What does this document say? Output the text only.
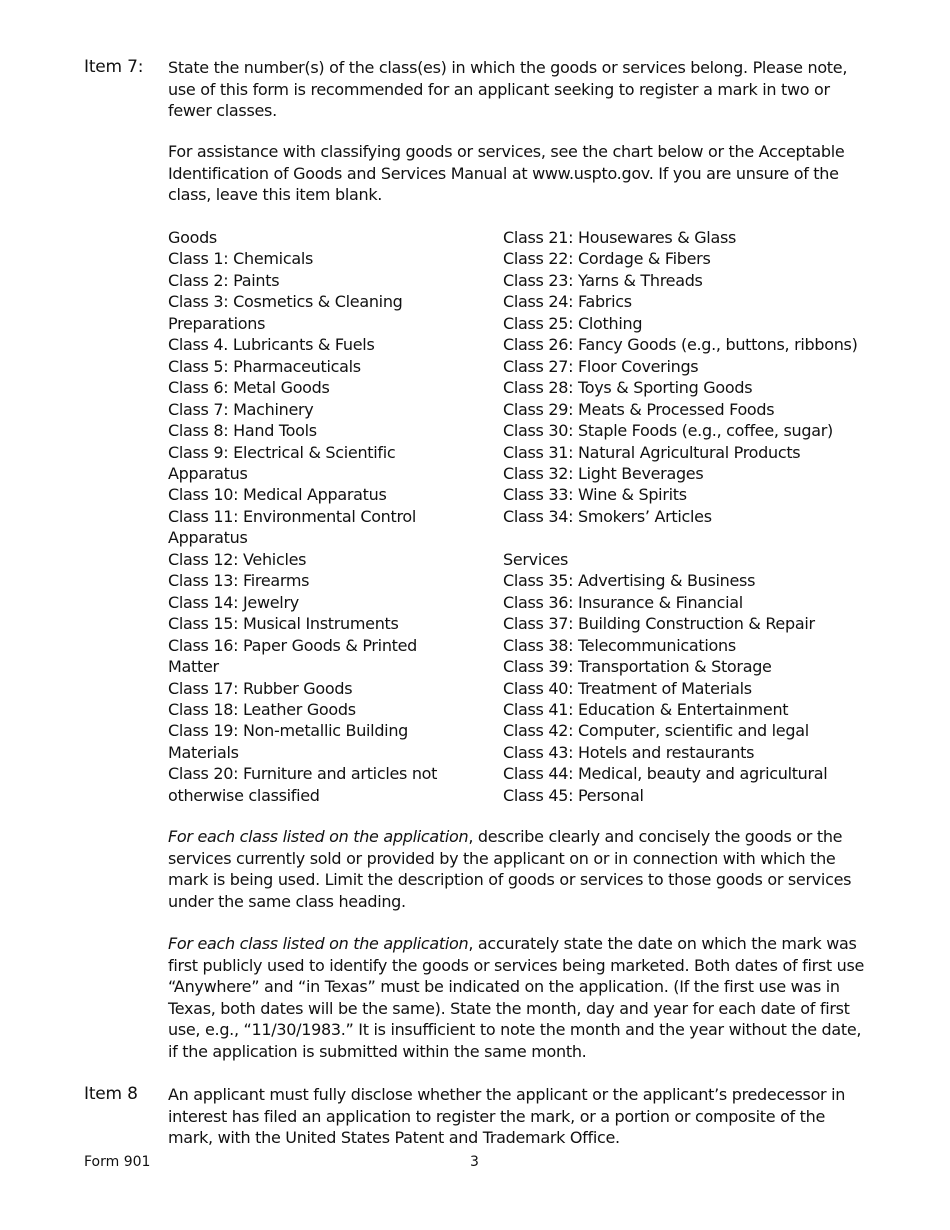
Item 7: State the number(s) of the class(es) in which the goods or services belong. Please note, use of this form is recommended for an applicant seeking to register a mark in two or fewer classes.
For assistance with classifying goods or services, see the chart below or the Acceptable Identification of Goods and Services Manual at www.uspto.gov. If you are unsure of the class, leave this item blank.
Goods
Class 1: Chemicals
Class 2: Paints
Class 3: Cosmetics & Cleaning Preparations
Class 4. Lubricants & Fuels
Class 5: Pharmaceuticals
Class 6: Metal Goods
Class 7: Machinery
Class 8: Hand Tools
Class 9: Electrical & Scientific Apparatus
Class 10: Medical Apparatus
Class 11: Environmental Control Apparatus
Class 12: Vehicles
Class 13: Firearms
Class 14: Jewelry
Class 15: Musical Instruments
Class 16: Paper Goods & Printed Matter
Class 17: Rubber Goods
Class 18: Leather Goods
Class 19: Non-metallic Building Materials
Class 20: Furniture and articles not otherwise classified
Class 21: Housewares & Glass
Class 22: Cordage & Fibers
Class 23: Yarns & Threads
Class 24: Fabrics
Class 25: Clothing
Class 26: Fancy Goods (e.g., buttons, ribbons)
Class 27: Floor Coverings
Class 28: Toys & Sporting Goods
Class 29: Meats & Processed Foods
Class 30: Staple Foods (e.g., coffee, sugar)
Class 31: Natural Agricultural Products
Class 32: Light Beverages
Class 33: Wine & Spirits
Class 34: Smokers’ Articles
Services
Class 35: Advertising & Business
Class 36: Insurance & Financial
Class 37: Building Construction & Repair
Class 38: Telecommunications
Class 39: Transportation & Storage
Class 40: Treatment of Materials
Class 41: Education & Entertainment
Class 42: Computer, scientific and legal
Class 43: Hotels and restaurants
Class 44: Medical, beauty and agricultural
Class 45: Personal
For each class listed on the application, describe clearly and concisely the goods or the services currently sold or provided by the applicant on or in connection with which the mark is being used. Limit the description of goods or services to those goods or services under the same class heading.
For each class listed on the application, accurately state the date on which the mark was first publicly used to identify the goods or services being marketed. Both dates of first use “Anywhere” and “in Texas” must be indicated on the application. (If the first use was in Texas, both dates will be the same). State the month, day and year for each date of first use, e.g., “11/30/1983.” It is insufficient to note the month and the year without the date, if the application is submitted within the same month.
Item 8 An applicant must fully disclose whether the applicant or the applicant’s predecessor in interest has filed an application to register the mark, or a portion or composite of the mark, with the United States Patent and Trademark Office.
Form 901	3
